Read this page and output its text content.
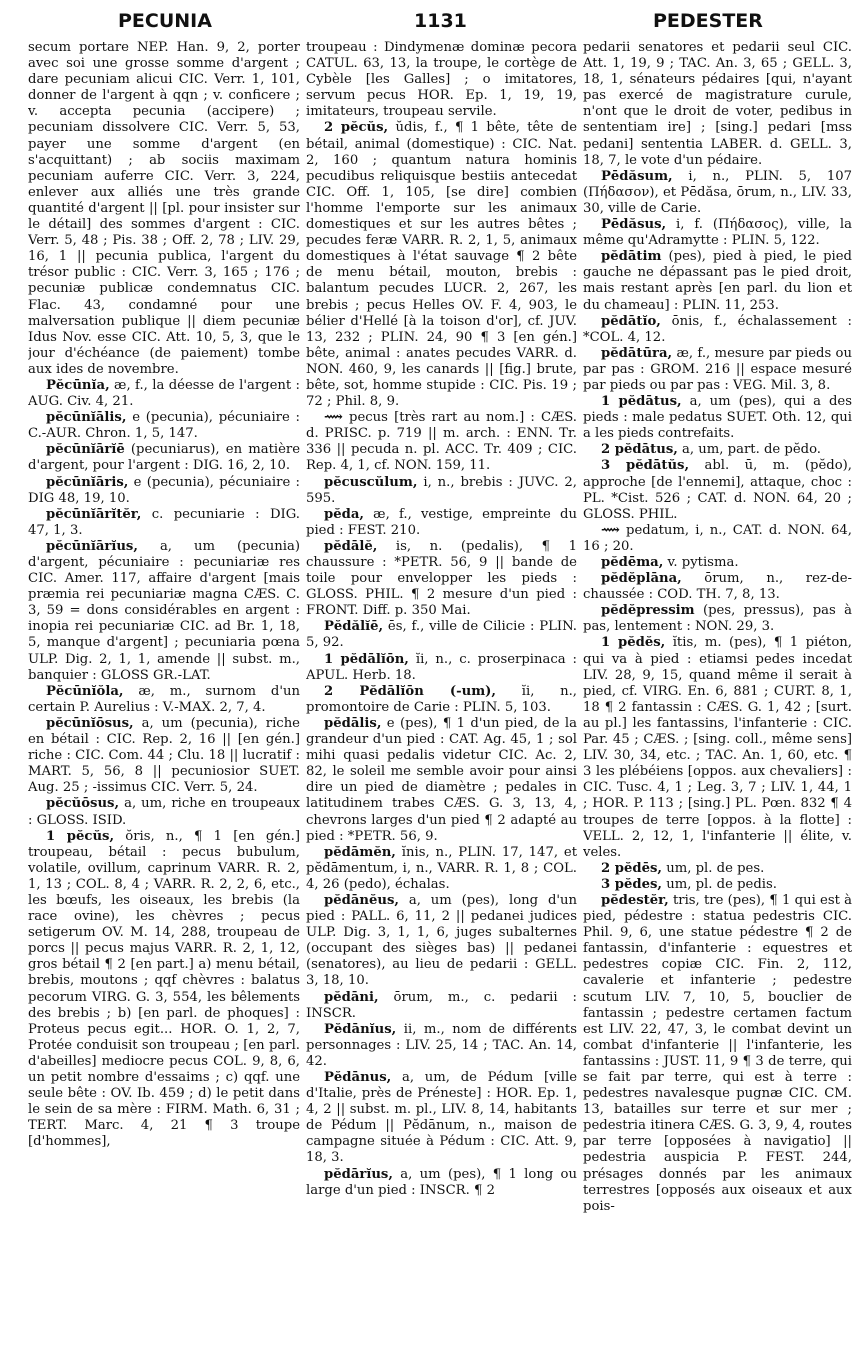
PECUNIA	1131	PEDESTER

secum portare NEP. Han. 9, 2, porter avec soi une grosse somme d'argent ; dare pecuniam alicui CIC. Verr. 1, 101, donner de l'argent à qqn ; v. conficere ; v. accepta pecunia (accipere) ; pecuniam dissolvere CIC. Verr. 5, 53, payer une somme d'argent (en s'acquittant) ; ab sociis maximam pecuniam auferre CIC. Verr. 3, 224, enlever aux alliés une très grande quantité d'argent || [pl. pour insister sur le détail] des sommes d'argent : CIC. Verr. 5, 48 ; Pis. 38 ; Off. 2, 78 ; LIV. 29, 16, 1 || pecunia publica, l'argent du trésor public : CIC. Verr. 3, 165 ; 176 ; pecuniæ publicæ condemnatus CIC. Flac. 43, condamné pour une malversation publique || diem pecuniæ Idus Nov. esse CIC. Att. 10, 5, 3, que le jour d'échéance (de paiement) tombe aux ides de novembre.

Pĕcūnĭa, æ, f., la déesse de l'argent : AUG. Civ. 4, 21.

pĕcūnĭālis, e (pecunia), pécuniaire : C.-AUR. Chron. 1, 5, 147.

pĕcūnĭārĭē (pecuniarus), en matière d'argent, pour l'argent : DIG. 16, 2, 10.

pĕcūnĭāris, e (pecunia), pécuniaire : DIG 48, 19, 10.

pĕcūnĭārĭtĕr, c. pecuniarie : DIG. 47, 1, 3.

pĕcūnĭārĭus, a, um (pecunia) d'argent, pécuniaire : pecuniariæ res CIC. Amer. 117, affaire d'argent [mais præmia rei pecuniariæ magna CÆS. C. 3, 59 = dons considérables en argent : inopia rei pecuniariæ CIC. ad Br. 1, 18, 5, manque d'argent] ; pecuniaria pœna ULP. Dig. 2, 1, 1, amende || subst. m., banquier : GLOSS GR.-LAT.

Pĕcūnĭŏla, æ, m., surnom d'un certain P. Aurelius : V.-MAX. 2, 7, 4.

pĕcūnĭōsus, a, um (pecunia), riche en bétail : CIC. Rep. 2, 16 || [en gén.] riche : CIC. Com. 44 ; Clu. 18 || lucratif : MART. 5, 56, 8 || pecuniosior SUET. Aug. 25 ; -issimus CIC. Verr. 5, 24.

pĕcŭōsus, a, um, riche en troupeaux : GLOSS. ISID.

1 pĕcŭs, ŏris, n., ¶ 1 [en gén.] troupeau, bétail : pecus bubulum, volatile, ovillum, caprinum VARR. R. 2, 1, 13 ; COL. 8, 4 ; VARR. R. 2, 2, 6, etc., les bœufs, les oiseaux, les brebis (la race ovine), les chèvres ; pecus setigerum OV. M. 14, 288, troupeau de porcs || pecus majus VARR. R. 2, 1, 12, gros bétail ¶ 2 [en part.] a) menu bétail, brebis, moutons ; qqf chèvres : balatus pecorum VIRG. G. 3, 554, les bêlements des brebis ; b) [en parl. de phoques] : Proteus pecus egit... HOR. O. 1, 2, 7, Protée conduisit son troupeau ; [en parl. d'abeilles] mediocre pecus COL. 9, 8, 6, un petit nombre d'essaims ; c) qqf. une seule bête : OV. Ib. 459 ; d) le petit dans le sein de sa mère : FIRM. Math. 6, 31 ; TERT. Marc. 4, 21 ¶ 3 troupe [d'hommes],

troupeau : Dindymenæ dominæ pecora CATUL. 63, 13, la troupe, le cortège de Cybèle [les Galles] ; o imitatores, servum pecus HOR. Ep. 1, 19, 19, imitateurs, troupeau servile.

2 pĕcŭs, ŭdis, f., ¶ 1 bête, tête de bétail, animal (domestique) : CIC. Nat. 2, 160 ; quantum natura hominis pecudibus reliquisque bestiis antecedat CIC. Off. 1, 105, [se dire] combien l'homme l'emporte sur les animaux domestiques et sur les autres bêtes ; pecudes feræ VARR. R. 2, 1, 5, animaux domestiques à l'état sauvage ¶ 2 bête de menu bétail, mouton, brebis : balantum pecudes LUCR. 2, 267, les brebis ; pecus Helles OV. F. 4, 903, le bélier d'Hellé [à la toison d'or], cf. JUV. 13, 232 ; PLIN. 24, 90 ¶ 3 [en gén.] bête, animal : anates pecudes VARR. d. NON. 460, 9, les canards || [fig.] brute, bête, sot, homme stupide : CIC. Pis. 19 ; 72 ; Phil. 8, 9.

⟿ pecus [très rart au nom.] : CÆS. d. PRISC. p. 719 || m. arch. : ENN. Tr. 336 || pecuda n. pl. ACC. Tr. 409 ; CIC. Rep. 4, 1, cf. NON. 159, 11.

pĕcuscŭlum, i, n., brebis : JUVC. 2, 595.

pĕda, æ, f., vestige, empreinte du pied : FEST. 210.

pĕdālĕ, is, n. (pedalis), ¶ 1 chaussure : *PETR. 56, 9 || bande de toile pour envelopper les pieds : GLOSS. PHIL. ¶ 2 mesure d'un pied : FRONT. Diff. p. 350 Mai.

Pĕdălĭē, ēs, f., ville de Cilicie : PLIN. 5, 92.

1 pĕdālĭōn, ĭi, n., c. proserpinaca : APUL. Herb. 18.

2 Pĕdālĭōn (-um), ĭi, n., promontoire de Carie : PLIN. 5, 103.

pĕdālis, e (pes), ¶ 1 d'un pied, de la grandeur d'un pied : CAT. Ag. 45, 1 ; sol mihi quasi pedalis videtur CIC. Ac. 2, 82, le soleil me semble avoir pour ainsi dire un pied de diamètre ; pedales in latitudinem trabes CÆS. G. 3, 13, 4, chevrons larges d'un pied ¶ 2 adapté au pied : *PETR. 56, 9.

pĕdāmĕn, ĭnis, n., PLIN. 17, 147, et pĕdāmentum, i, n., VARR. R. 1, 8 ; COL. 4, 26 (pedo), échalas.

pĕdānĕus, a, um (pes), long d'un pied : PALL. 6, 11, 2 || pedanei judices ULP. Dig. 3, 1, 1, 6, juges subalternes (occupant des sièges bas) || pedanei (senatores), au lieu de pedarii : GELL. 3, 18, 10.

pĕdāni, ōrum, m., c. pedarii : INSCR.

Pĕdānĭus, ii, m., nom de différents personnages : LIV. 25, 14 ; TAC. An. 14, 42.

Pĕdānus, a, um, de Pédum [ville d'Italie, près de Préneste] : HOR. Ep. 1, 4, 2 || subst. m. pl., LIV. 8, 14, habitants de Pédum || Pĕdānum, n., maison de campagne située à Pédum : CIC. Att. 9, 18, 3.

pĕdārĭus, a, um (pes), ¶ 1 long ou large d'un pied : INSCR. ¶ 2

pedarii senatores et pedarii seul CIC. Att. 1, 19, 9 ; TAC. An. 3, 65 ; GELL. 3, 18, 1, sénateurs pédaires [qui, n'ayant pas exercé de magistrature curule, n'ont que le droit de voter, pedibus in sententiam ire] ; [sing.] pedari [mss pedani] sententia LABER. d. GELL. 3, 18, 7, le vote d'un pédaire.

Pēdăsum, i, n., PLIN. 5, 107 (Πήδασον), et Pēdăsa, ōrum, n., LIV. 33, 30, ville de Carie.

Pēdăsus, i, f. (Πήδασος), ville, la même qu'Adramytte : PLIN. 5, 122.

pĕdātim (pes), pied à pied, le pied gauche ne dépassant pas le pied droit, mais restant après [en parl. du lion et du chameau] : PLIN. 11, 253.

pĕdātĭo, ōnis, f., échalassement : *COL. 4, 12.

pĕdātūra, æ, f., mesure par pieds ou par pas : GROM. 216 || espace mesuré par pieds ou par pas : VEG. Mil. 3, 8.

1 pĕdātus, a, um (pes), qui a des pieds : male pedatus SUET. Oth. 12, qui a les pieds contrefaits.

2 pĕdātus, a, um, part. de pĕdo.

3 pĕdātŭs, abl. ū, m. (pĕdo), approche [de l'ennemi], attaque, choc : PL. *Cist. 526 ; CAT. d. NON. 64, 20 ; GLOSS. PHIL.

⟿ pedatum, i, n., CAT. d. NON. 64, 16 ; 20.

pĕdēma, v. pytisma.

pĕdĕplāna, ōrum, n., rez-de-chaussée : COD. TH. 7, 8, 13.

pĕdĕpressim (pes, pressus), pas à pas, lentement : NON. 29, 3.

1 pĕdĕs, ĭtis, m. (pes), ¶ 1 piéton, qui va à pied : etiamsi pedes incedat LIV. 28, 9, 15, quand même il serait à pied, cf. VIRG. En. 6, 881 ; CURT. 8, 1, 18 ¶ 2 fantassin : CÆS. G. 1, 42 ; [surt. au pl.] les fantassins, l'infanterie : CIC. Par. 45 ; CÆS. ; [sing. coll., même sens] LIV. 30, 34, etc. ; TAC. An. 1, 60, etc. ¶ 3 les plébéiens [oppos. aux chevaliers] : CIC. Tusc. 4, 1 ; Leg. 3, 7 ; LIV. 1, 44, 1 ; HOR. P. 113 ; [sing.] PL. Pœn. 832 ¶ 4 troupes de terre [oppos. à la flotte] : VELL. 2, 12, 1, l'infanterie || élite, v. veles.

2 pĕdēs, um, pl. de pes.

3 pĕdes, um, pl. de pedis.

pĕdestĕr, tris, tre (pes), ¶ 1 qui est à pied, pédestre : statua pedestris CIC. Phil. 9, 6, une statue pédestre ¶ 2 de fantassin, d'infanterie : equestres et pedestres copiæ CIC. Fin. 2, 112, cavalerie et infanterie ; pedestre scutum LIV. 7, 10, 5, bouclier de fantassin ; pedestre certamen factum est LIV. 22, 47, 3, le combat devint un combat d'infanterie || l'infanterie, les fantassins : JUST. 11, 9 ¶ 3 de terre, qui se fait par terre, qui est à terre : pedestres navalesque pugnæ CIC. CM. 13, batailles sur terre et sur mer ; pedestria itinera CÆS. G. 3, 9, 4, routes par terre [opposées à navigatio] || pedestria auspicia P. FEST. 244, présages donnés par les animaux terrestres [opposés aux oiseaux et aux pois-
